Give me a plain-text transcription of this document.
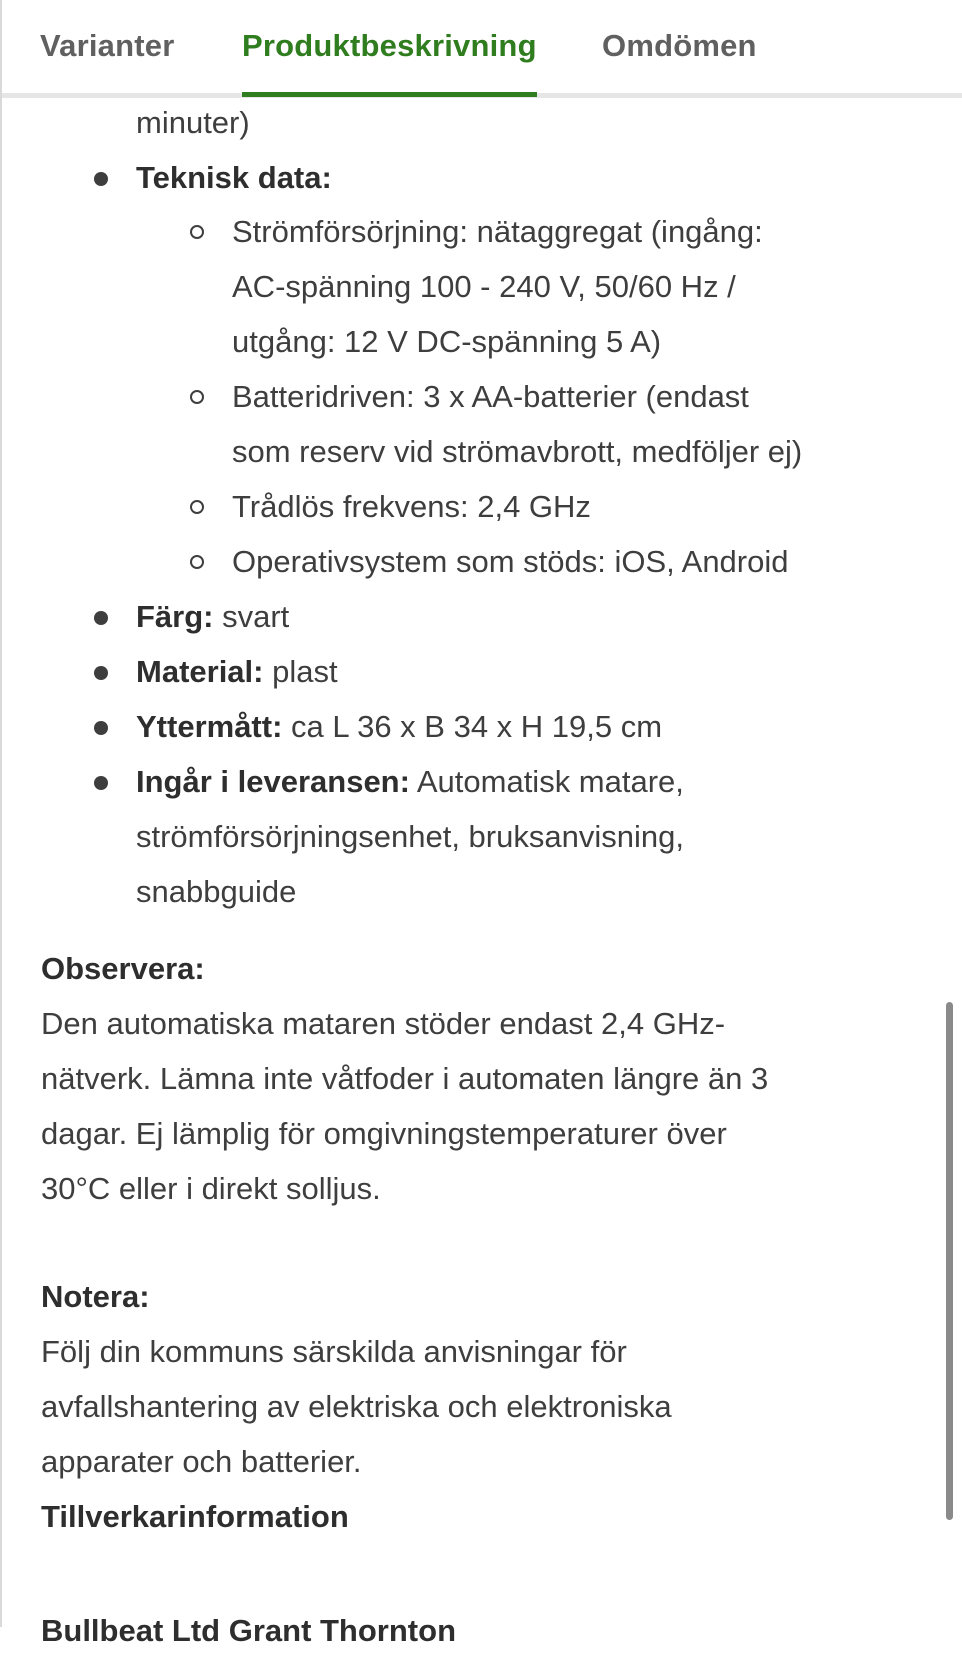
Varianter Produktbeskrivning Omdömen
minuter)
Teknisk data:
Strömförsörjning: nätaggregat (ingång:
AC-spänning 100 - 240 V, 50/60 Hz /
utgång: 12 V DC-spänning 5 A)
Batteridriven: 3 x AA-batterier (endast
som reserv vid strömavbrott, medföljer ej)
Trådlös frekvens: 2,4 GHz
Operativsystem som stöds: iOS, Android
Färg: svart
Material: plast
Yttermått: ca L 36 x B 34 x H 19,5 cm
Ingår i leveransen: Automatisk matare,
strömförsörjningsenhet, bruksanvisning,
snabbguide
Observera:
Den automatiska mataren stöder endast 2,4 GHz-
nätverk. Lämna inte våtfoder i automaten längre än 3
dagar. Ej lämplig för omgivningstemperaturer över
30°C eller i direkt solljus.
Notera:
Följ din kommuns särskilda anvisningar för
avfallshantering av elektriska och elektroniska
apparater och batterier.
Tillverkarinformation
Bullbeat Ltd Grant Thornton
